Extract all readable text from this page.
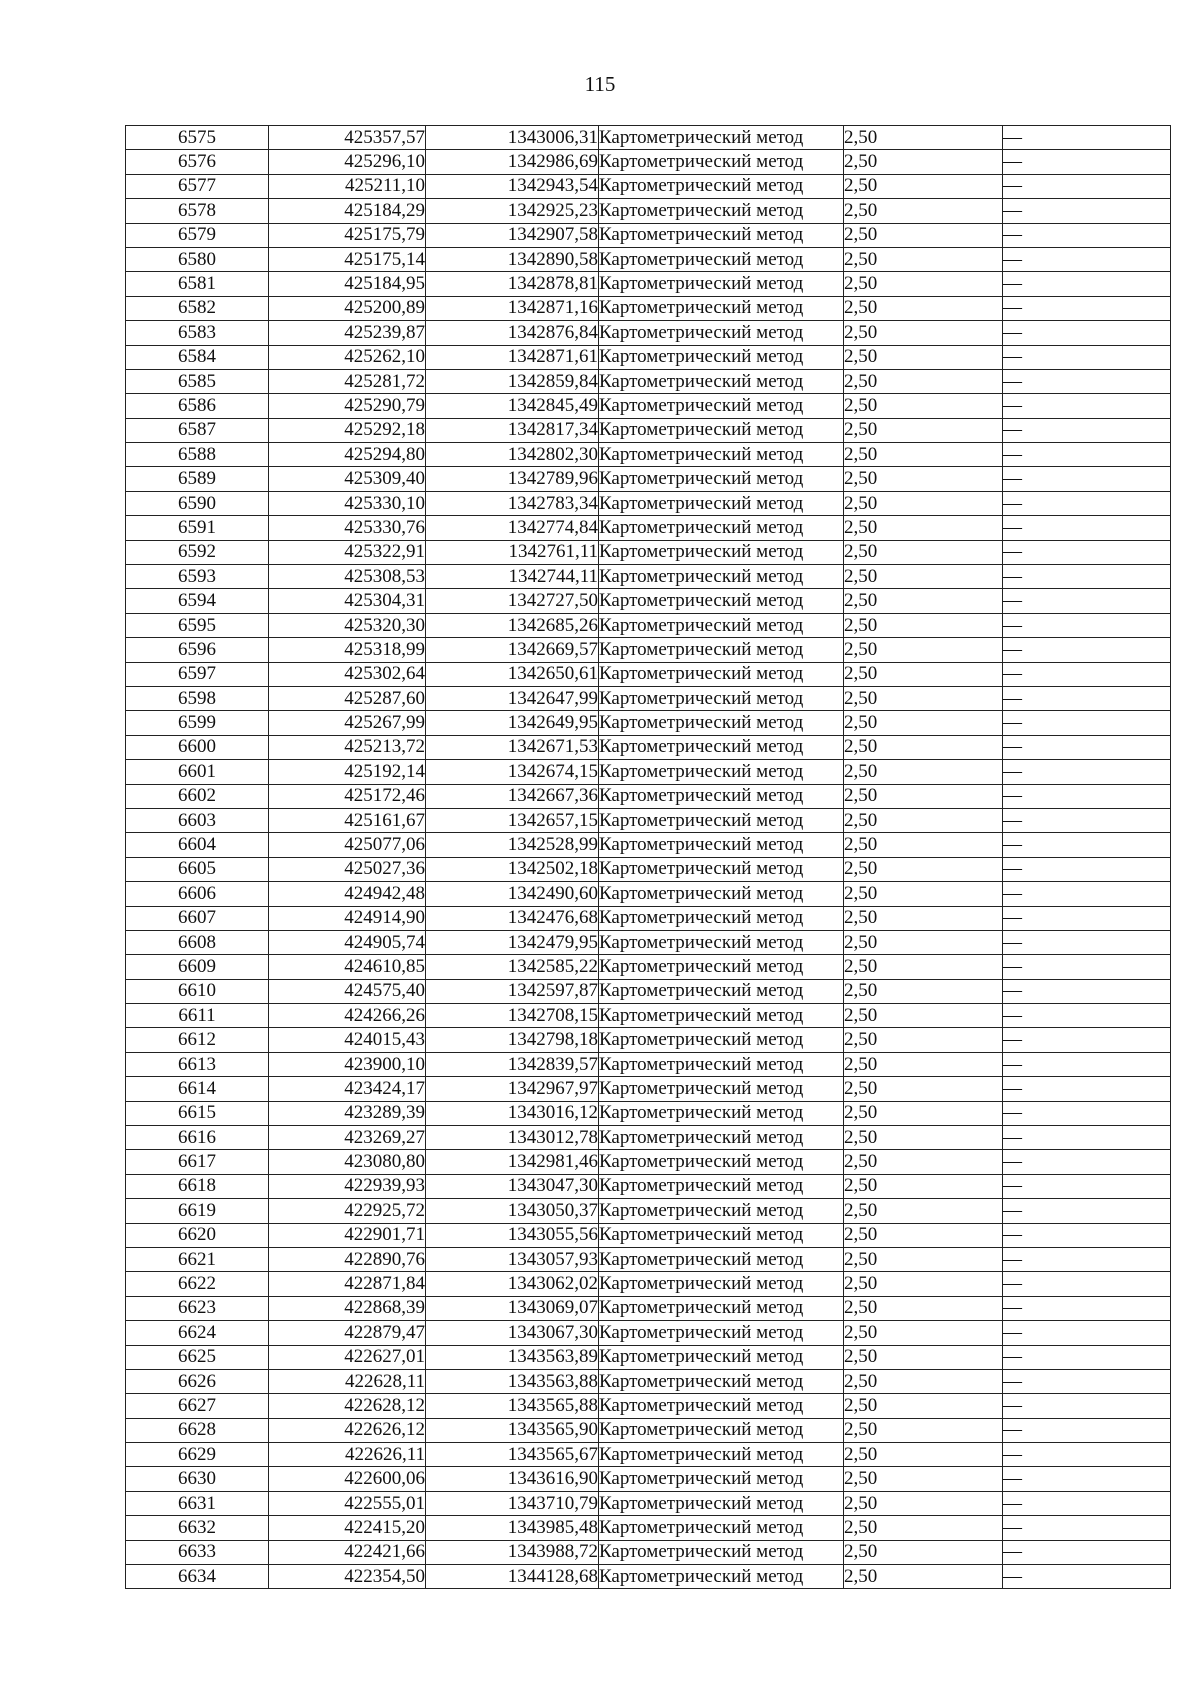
115
6575	425357,57	1343006,31	Картометрический метод	2,50	—
6576	425296,10	1342986,69	Картометрический метод	2,50	—
6577	425211,10	1342943,54	Картометрический метод	2,50	—
6578	425184,29	1342925,23	Картометрический метод	2,50	—
6579	425175,79	1342907,58	Картометрический метод	2,50	—
6580	425175,14	1342890,58	Картометрический метод	2,50	—
6581	425184,95	1342878,81	Картометрический метод	2,50	—
6582	425200,89	1342871,16	Картометрический метод	2,50	—
6583	425239,87	1342876,84	Картометрический метод	2,50	—
6584	425262,10	1342871,61	Картометрический метод	2,50	—
6585	425281,72	1342859,84	Картометрический метод	2,50	—
6586	425290,79	1342845,49	Картометрический метод	2,50	—
6587	425292,18	1342817,34	Картометрический метод	2,50	—
6588	425294,80	1342802,30	Картометрический метод	2,50	—
6589	425309,40	1342789,96	Картометрический метод	2,50	—
6590	425330,10	1342783,34	Картометрический метод	2,50	—
6591	425330,76	1342774,84	Картометрический метод	2,50	—
6592	425322,91	1342761,11	Картометрический метод	2,50	—
6593	425308,53	1342744,11	Картометрический метод	2,50	—
6594	425304,31	1342727,50	Картометрический метод	2,50	—
6595	425320,30	1342685,26	Картометрический метод	2,50	—
6596	425318,99	1342669,57	Картометрический метод	2,50	—
6597	425302,64	1342650,61	Картометрический метод	2,50	—
6598	425287,60	1342647,99	Картометрический метод	2,50	—
6599	425267,99	1342649,95	Картометрический метод	2,50	—
6600	425213,72	1342671,53	Картометрический метод	2,50	—
6601	425192,14	1342674,15	Картометрический метод	2,50	—
6602	425172,46	1342667,36	Картометрический метод	2,50	—
6603	425161,67	1342657,15	Картометрический метод	2,50	—
6604	425077,06	1342528,99	Картометрический метод	2,50	—
6605	425027,36	1342502,18	Картометрический метод	2,50	—
6606	424942,48	1342490,60	Картометрический метод	2,50	—
6607	424914,90	1342476,68	Картометрический метод	2,50	—
6608	424905,74	1342479,95	Картометрический метод	2,50	—
6609	424610,85	1342585,22	Картометрический метод	2,50	—
6610	424575,40	1342597,87	Картометрический метод	2,50	—
6611	424266,26	1342708,15	Картометрический метод	2,50	—
6612	424015,43	1342798,18	Картометрический метод	2,50	—
6613	423900,10	1342839,57	Картометрический метод	2,50	—
6614	423424,17	1342967,97	Картометрический метод	2,50	—
6615	423289,39	1343016,12	Картометрический метод	2,50	—
6616	423269,27	1343012,78	Картометрический метод	2,50	—
6617	423080,80	1342981,46	Картометрический метод	2,50	—
6618	422939,93	1343047,30	Картометрический метод	2,50	—
6619	422925,72	1343050,37	Картометрический метод	2,50	—
6620	422901,71	1343055,56	Картометрический метод	2,50	—
6621	422890,76	1343057,93	Картометрический метод	2,50	—
6622	422871,84	1343062,02	Картометрический метод	2,50	—
6623	422868,39	1343069,07	Картометрический метод	2,50	—
6624	422879,47	1343067,30	Картометрический метод	2,50	—
6625	422627,01	1343563,89	Картометрический метод	2,50	—
6626	422628,11	1343563,88	Картометрический метод	2,50	—
6627	422628,12	1343565,88	Картометрический метод	2,50	—
6628	422626,12	1343565,90	Картометрический метод	2,50	—
6629	422626,11	1343565,67	Картометрический метод	2,50	—
6630	422600,06	1343616,90	Картометрический метод	2,50	—
6631	422555,01	1343710,79	Картометрический метод	2,50	—
6632	422415,20	1343985,48	Картометрический метод	2,50	—
6633	422421,66	1343988,72	Картометрический метод	2,50	—
6634	422354,50	1344128,68	Картометрический метод	2,50	—
